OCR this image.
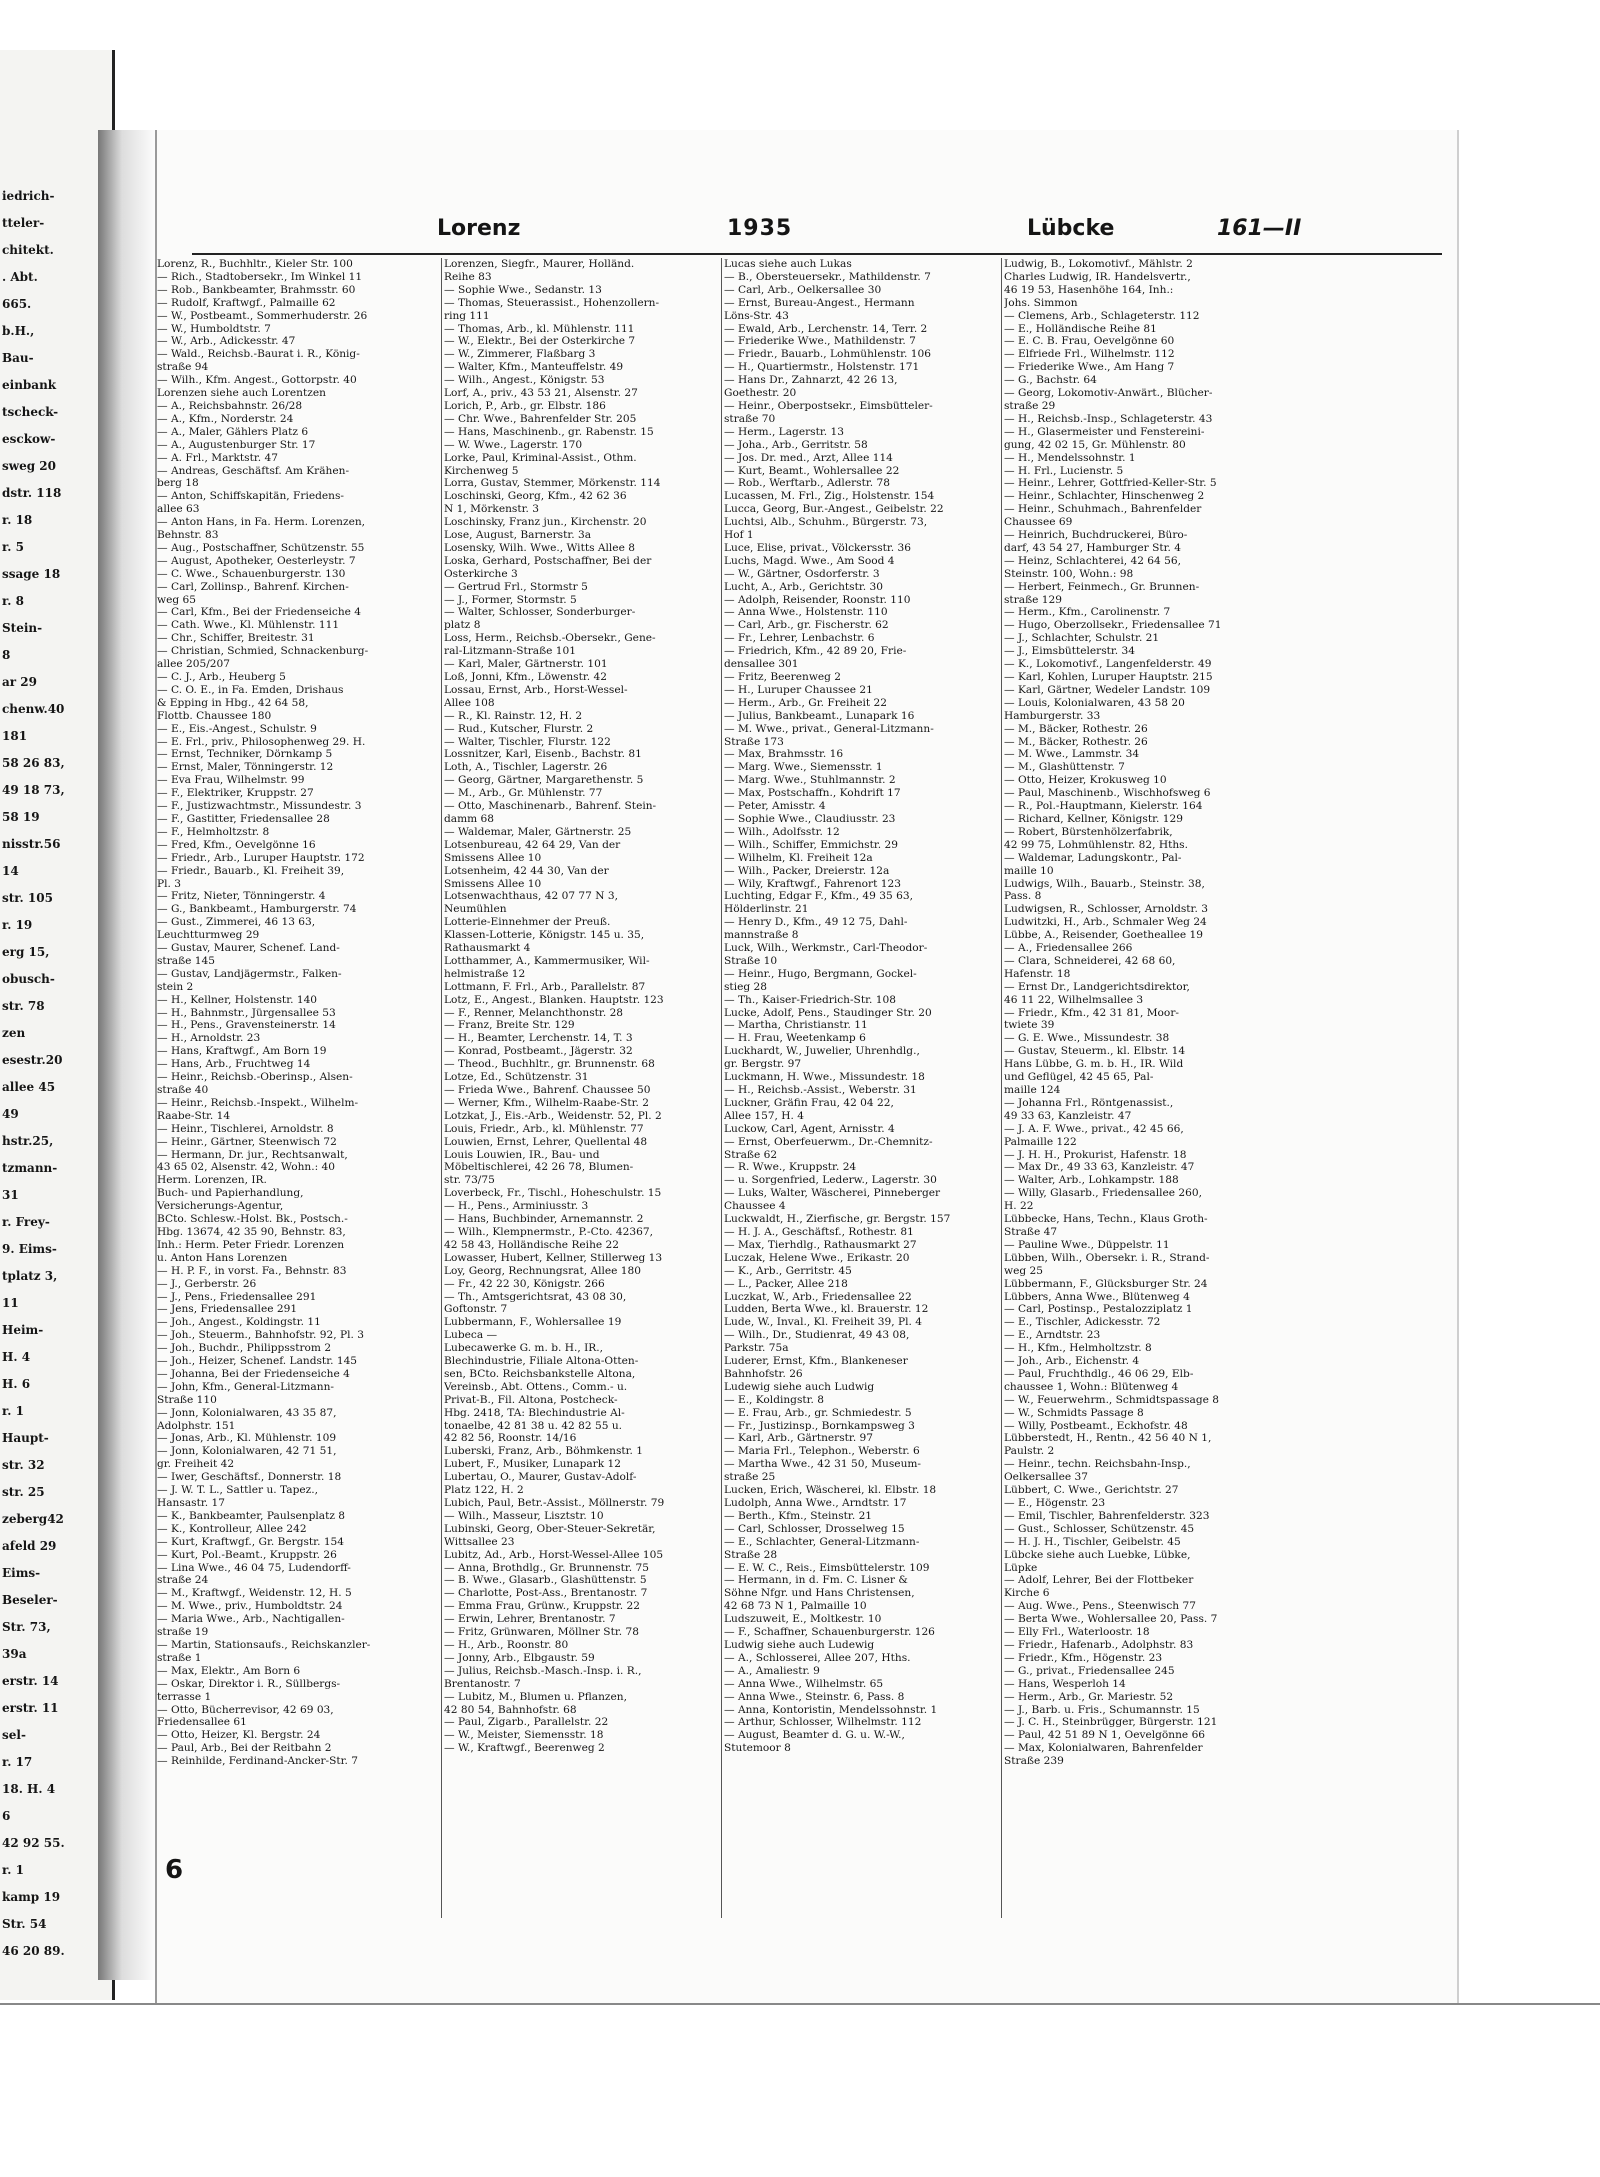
iedrich-
tteler-
chitekt.
. Abt.
665.
b.H.,
Bau-
einbank
tscheck-
esckow-
sweg 20
dstr. 118
r. 18
r. 5
ssage 18
r. 8
Stein-
8
ar 29
chenw.40
181
58 26 83,
49 18 73,
58 19
nisstr.56
14
str. 105
r. 19
erg 15,
obusch-
str. 78
zen
esestr.20
allee 45
49
hstr.25,
tzmann-
31
r. Frey-
9. Eims-
tplatz 3,
11
Heim-
H. 4
H. 6
r. 1
Haupt-
str. 32
str. 25
zeberg42
afeld 29
Eims-
Beseler-
Str. 73,
39a
erstr. 14
erstr. 11
sel-
r. 17
18. H. 4
6
42 92 55.
r. 1
kamp 19
Str. 54
46 20 89.
Lorenz	1935	Lübcke	161—II
Lorenz, R., Buchhltr., Kieler Str. 100
— Rich., Stadtobersekr., Im Winkel 11
— Rob., Bankbeamter, Brahmsstr. 60
— Rudolf, Kraftwgf., Palmaille 62
— W., Postbeamt., Sommerhuderstr. 26
— W., Humboldtstr. 7
— W., Arb., Adickesstr. 47
— Wald., Reichsb.-Baurat i. R., König-
straße 94
— Wilh., Kfm. Angest., Gottorpstr. 40
Lorenzen siehe auch Lorentzen
— A., Reichsbahnstr. 26/28
— A., Kfm., Norderstr. 24
— A., Maler, Gählers Platz 6
— A., Augustenburger Str. 17
— A. Frl., Marktstr. 47
— Andreas, Geschäftsf. Am Krähen-
berg 18
— Anton, Schiffskapitän, Friedens-
allee 63
— Anton Hans, in Fa. Herm. Lorenzen,
Behnstr. 83
— Aug., Postschaffner, Schützenstr. 55
— August, Apotheker, Oesterleystr. 7
— C. Wwe., Schauenburgerstr. 130
— Carl, Zollinsp., Bahrenf. Kirchen-
weg 65
— Carl, Kfm., Bei der Friedenseiche 4
— Cath. Wwe., Kl. Mühlenstr. 111
— Chr., Schiffer, Breitestr. 31
— Christian, Schmied, Schnackenburg-
allee 205/207
— C. J., Arb., Heuberg 5
— C. O. E., in Fa. Emden, Drishaus
& Epping in Hbg., 42 64 58,
Flottb. Chaussee 180
— E., Eis.-Angest., Schulstr. 9
— E. Frl., priv., Philosophenweg 29. H.
— Ernst, Techniker, Dörnkamp 5
— Ernst, Maler, Tönningerstr. 12
— Eva Frau, Wilhelmstr. 99
— F., Elektriker, Kruppstr. 27
— F., Justizwachtmstr., Missundestr. 3
— F., Gastitter, Friedensallee 28
— F., Helmholtzstr. 8
— Fred, Kfm., Oevelgönne 16
— Friedr., Arb., Luruper Hauptstr. 172
— Friedr., Bauarb., Kl. Freiheit 39,
Pl. 3
— Fritz, Nieter, Tönningerstr. 4
— G., Bankbeamt., Hamburgerstr. 74
— Gust., Zimmerei, 46 13 63,
Leuchtturmweg 29
— Gustav, Maurer, Schenef. Land-
straße 145
— Gustav, Landjägermstr., Falken-
stein 2
— H., Kellner, Holstenstr. 140
— H., Bahnmstr., Jürgensallee 53
— H., Pens., Gravensteinerstr. 14
— H., Arnoldstr. 23
— Hans, Kraftwgf., Am Born 19
— Hans, Arb., Fruchtweg 14
— Heinr., Reichsb.-Oberinsp., Alsen-
straße 40
— Heinr., Reichsb.-Inspekt., Wilhelm-
Raabe-Str. 14
— Heinr., Tischlerei, Arnoldstr. 8
— Heinr., Gärtner, Steenwisch 72
— Hermann, Dr. jur., Rechtsanwalt,
43 65 02, Alsenstr. 42, Wohn.: 40
Herm. Lorenzen, IR.
Buch- und Papierhandlung,
Versicherungs-Agentur,
BCto. Schlesw.-Holst. Bk., Postsch.-
Hbg. 13674, 42 35 90, Behnstr. 83,
Inh.: Herm. Peter Friedr. Lorenzen
u. Anton Hans Lorenzen
— H. P. F., in vorst. Fa., Behnstr. 83
— J., Gerberstr. 26
— J., Pens., Friedensallee 291
— Jens, Friedensallee 291
— Joh., Angest., Koldingstr. 11
— Joh., Steuerm., Bahnhofstr. 92, Pl. 3
— Joh., Buchdr., Philippsstrom 2
— Joh., Heizer, Schenef. Landstr. 145
— Johanna, Bei der Friedenseiche 4
— John, Kfm., General-Litzmann-
Straße 110
— Jonn, Kolonialwaren, 43 35 87,
Adolphstr. 151
— Jonas, Arb., Kl. Mühlenstr. 109
— Jonn, Kolonialwaren, 42 71 51,
gr. Freiheit 42
— Iwer, Geschäftsf., Donnerstr. 18
— J. W. T. L., Sattler u. Tapez.,
Hansastr. 17
— K., Bankbeamter, Paulsenplatz 8
— K., Kontrolleur, Allee 242
— Kurt, Kraftwgf., Gr. Bergstr. 154
— Kurt, Pol.-Beamt., Kruppstr. 26
— Lina Wwe., 46 04 75, Ludendorff-
straße 24
— M., Kraftwgf., Weidenstr. 12, H. 5
— M. Wwe., priv., Humboldtstr. 24
— Maria Wwe., Arb., Nachtigallen-
straße 19
— Martin, Stationsaufs., Reichskanzler-
straße 1
— Max, Elektr., Am Born 6
— Oskar, Direktor i. R., Süllbergs-
terrasse 1
— Otto, Bücherrevisor, 42 69 03,
Friedensallee 61
— Otto, Heizer, Kl. Bergstr. 24
— Paul, Arb., Bei der Reitbahn 2
— Reinhilde, Ferdinand-Ancker-Str. 7
Lorenzen, Siegfr., Maurer, Holländ.
Reihe 83
— Sophie Wwe., Sedanstr. 13
— Thomas, Steuerassist., Hohenzollern-
ring 111
— Thomas, Arb., kl. Mühlenstr. 111
— W., Elektr., Bei der Osterkirche 7
— W., Zimmerer, Flaßbarg 3
— Walter, Kfm., Manteuffelstr. 49
— Wilh., Angest., Königstr. 53
Lorf, A., priv., 43 53 21, Alsenstr. 27
Lorich, P., Arb., gr. Elbstr. 186
— Chr. Wwe., Bahrenfelder Str. 205
— Hans, Maschinenb., gr. Rabenstr. 15
— W. Wwe., Lagerstr. 170
Lorke, Paul, Kriminal-Assist., Othm.
Kirchenweg 5
Lorra, Gustav, Stemmer, Mörkenstr. 114
Loschinski, Georg, Kfm., 42 62 36
N 1, Mörkenstr. 3
Loschinsky, Franz jun., Kirchenstr. 20
Lose, August, Barnerstr. 3a
Losensky, Wilh. Wwe., Witts Allee 8
Loska, Gerhard, Postschaffner, Bei der
Osterkirche 3
— Gertrud Frl., Stormstr 5
— J., Former, Stormstr. 5
— Walter, Schlosser, Sonderburger-
platz 8
Loss, Herm., Reichsb.-Obersekr., Gene-
ral-Litzmann-Straße 101
— Karl, Maler, Gärtnerstr. 101
Loß, Jonni, Kfm., Löwenstr. 42
Lossau, Ernst, Arb., Horst-Wessel-
Allee 108
— R., Kl. Rainstr. 12, H. 2
— Rud., Kutscher, Flurstr. 2
— Walter, Tischler, Flurstr. 122
Lossnitzer, Karl, Eisenb., Bachstr. 81
Loth, A., Tischler, Lagerstr. 26
— Georg, Gärtner, Margarethenstr. 5
— M., Arb., Gr. Mühlenstr. 77
— Otto, Maschinenarb., Bahrenf. Stein-
damm 68
— Waldemar, Maler, Gärtnerstr. 25
Lotsenbureau, 42 64 29, Van der
Smissens Allee 10
Lotsenheim, 42 44 30, Van der
Smissens Allee 10
Lotsenwachthaus, 42 07 77 N 3,
Neumühlen
Lotterie-Einnehmer der Preuß.
Klassen-Lotterie, Königstr. 145 u. 35,
Rathausmarkt 4
Lotthammer, A., Kammermusiker, Wil-
helmistraße 12
Lottmann, F. Frl., Arb., Parallelstr. 87
Lotz, E., Angest., Blanken. Hauptstr. 123
— F., Renner, Melanchthonstr. 28
— Franz, Breite Str. 129
— H., Beamter, Lerchenstr. 14, T. 3
— Konrad, Postbeamt., Jägerstr. 32
— Theod., Buchhltr., gr. Brunnenstr. 68
Lotze, Ed., Schützenstr. 31
— Frieda Wwe., Bahrenf. Chaussee 50
— Werner, Kfm., Wilhelm-Raabe-Str. 2
Lotzkat, J., Eis.-Arb., Weidenstr. 52, Pl. 2
Louis, Friedr., Arb., kl. Mühlenstr. 77
Louwien, Ernst, Lehrer, Quellental 48
Louis Louwien, IR., Bau- und
Möbeltischlerei, 42 26 78, Blumen-
str. 73/75
Loverbeck, Fr., Tischl., Hoheschulstr. 15
— H., Pens., Arminiusstr. 3
— Hans, Buchbinder, Arnemannstr. 2
— Wilh., Klempnermstr., P.-Cto. 42367,
42 58 43, Holländische Reihe 22
Lowasser, Hubert, Kellner, Stillerweg 13
Loy, Georg, Rechnungsrat, Allee 180
— Fr., 42 22 30, Königstr. 266
— Th., Amtsgerichtsrat, 43 08 30,
Goftonstr. 7
Lubbermann, F., Wohlersallee 19
Lubeca —
Lubecawerke G. m. b. H., IR.,
Blechindustrie, Filiale Altona-Otten-
sen, BCto. Reichsbankstelle Altona,
Vereinsb., Abt. Ottens., Comm.- u.
Privat-B., Fil. Altona, Postcheck-
Hbg. 2418, TA: Blechindustrie Al-
tonaelbe, 42 81 38 u. 42 82 55 u.
42 82 56, Roonstr. 14/16
Luberski, Franz, Arb., Böhmkenstr. 1
Lubert, F., Musiker, Lunapark 12
Lubertau, O., Maurer, Gustav-Adolf-
Platz 122, H. 2
Lubich, Paul, Betr.-Assist., Möllnerstr. 79
— Wilh., Masseur, Lisztstr. 10
Lubinski, Georg, Ober-Steuer-Sekretär,
Wittsallee 23
Lubitz, Ad., Arb., Horst-Wessel-Allee 105
— Anna, Brothdlg., Gr. Brunnenstr. 75
— B. Wwe., Glasarb., Glashüttenstr. 5
— Charlotte, Post-Ass., Brentanostr. 7
— Emma Frau, Grünw., Kruppstr. 22
— Erwin, Lehrer, Brentanostr. 7
— Fritz, Grünwaren, Möllner Str. 78
— H., Arb., Roonstr. 80
— Jonny, Arb., Elbgaustr. 59
— Julius, Reichsb.-Masch.-Insp. i. R.,
Brentanostr. 7
— Lubitz, M., Blumen u. Pflanzen,
42 80 54, Bahnhofstr. 68
— Paul, Zigarb., Parallelstr. 22
— W., Meister, Siemensstr. 18
— W., Kraftwgf., Beerenweg 2
Lucas siehe auch Lukas
— B., Obersteuersekr., Mathildenstr. 7
— Carl, Arb., Oelkersallee 30
— Ernst, Bureau-Angest., Hermann
Löns-Str. 43
— Ewald, Arb., Lerchenstr. 14, Terr. 2
— Friederike Wwe., Mathildenstr. 7
— Friedr., Bauarb., Lohmühlenstr. 106
— H., Quartiermstr., Holstenstr. 171
— Hans Dr., Zahnarzt, 42 26 13,
Goethestr. 20
— Heinr., Oberpostsekr., Eimsbütteler-
straße 70
— Herm., Lagerstr. 13
— Joha., Arb., Gerritstr. 58
— Jos. Dr. med., Arzt, Allee 114
— Kurt, Beamt., Wohlersallee 22
— Rob., Werftarb., Adlerstr. 78
Lucassen, M. Frl., Zig., Holstenstr. 154
Lucca, Georg, Bur.-Angest., Geibelstr. 22
Luchtsi, Alb., Schuhm., Bürgerstr. 73,
Hof 1
Luce, Elise, privat., Völckersstr. 36
Luchs, Magd. Wwe., Am Sood 4
— W., Gärtner, Osdorferstr. 3
Lucht, A., Arb., Gerichtstr. 30
— Adolph, Reisender, Roonstr. 110
— Anna Wwe., Holstenstr. 110
— Carl, Arb., gr. Fischerstr. 62
— Fr., Lehrer, Lenbachstr. 6
— Friedrich, Kfm., 42 89 20, Frie-
densallee 301
— Fritz, Beerenweg 2
— H., Luruper Chaussee 21
— Herm., Arb., Gr. Freiheit 22
— Julius, Bankbeamt., Lunapark 16
— M. Wwe., privat., General-Litzmann-
Straße 173
— Max, Brahmsstr. 16
— Marg. Wwe., Siemensstr. 1
— Marg. Wwe., Stuhlmannstr. 2
— Max, Postschaffn., Kohdrift 17
— Peter, Amisstr. 4
— Sophie Wwe., Claudiusstr. 23
— Wilh., Adolfsstr. 12
— Wilh., Schiffer, Emmichstr. 29
— Wilhelm, Kl. Freiheit 12a
— Wilh., Packer, Dreierstr. 12a
— Wily, Kraftwgf., Fahrenort 123
Luchting, Edgar F., Kfm., 49 35 63,
Hölderlinstr. 21
— Henry D., Kfm., 49 12 75, Dahl-
mannstraße 8
Luck, Wilh., Werkmstr., Carl-Theodor-
Straße 10
— Heinr., Hugo, Bergmann, Gockel-
stieg 28
— Th., Kaiser-Friedrich-Str. 108
Lucke, Adolf, Pens., Staudinger Str. 20
— Martha, Christianstr. 11
— H. Frau, Weetenkamp 6
Luckhardt, W., Juwelier, Uhrenhdlg.,
gr. Bergstr. 97
Luckmann, H. Wwe., Missundestr. 18
— H., Reichsb.-Assist., Weberstr. 31
Luckner, Gräfin Frau, 42 04 22,
Allee 157, H. 4
Luckow, Carl, Agent, Arnisstr. 4
— Ernst, Oberfeuerwm., Dr.-Chemnitz-
Straße 62
— R. Wwe., Kruppstr. 24
— u. Sorgenfried, Lederw., Lagerstr. 30
— Luks, Walter, Wäscherei, Pinneberger
Chaussee 4
Luckwaldt, H., Zierfische, gr. Bergstr. 157
— H. J. A., Geschäftsf., Rothestr. 81
— Max, Tierhdlg., Rathausmarkt 27
Luczak, Helene Wwe., Erikastr. 20
— K., Arb., Gerritstr. 45
— L., Packer, Allee 218
Luczkat, W., Arb., Friedensallee 22
Ludden, Berta Wwe., kl. Brauerstr. 12
Lude, W., Inval., Kl. Freiheit 39, Pl. 4
— Wilh., Dr., Studienrat, 49 43 08,
Parkstr. 75a
Luderer, Ernst, Kfm., Blankeneser
Bahnhofstr. 26
Ludewig siehe auch Ludwig
— E., Koldingstr. 8
— E. Frau, Arb., gr. Schmiedestr. 5
— Fr., Justizinsp., Bornkampsweg 3
— Karl, Arb., Gärtnerstr. 97
— Maria Frl., Telephon., Weberstr. 6
— Martha Wwe., 42 31 50, Museum-
straße 25
Lucken, Erich, Wäscherei, kl. Elbstr. 18
Ludolph, Anna Wwe., Arndtstr. 17
— Berth., Kfm., Steinstr. 21
— Carl, Schlosser, Drosselweg 15
— E., Schlachter, General-Litzmann-
Straße 28
— E. W. C., Reis., Eimsbüttelerstr. 109
— Hermann, in d. Fm. C. Lisner &
Söhne Nfgr. und Hans Christensen,
42 68 73 N 1, Palmaille 10
Ludszuweit, E., Moltkestr. 10
— F., Schaffner, Schauenburgerstr. 126
Ludwig siehe auch Ludewig
— A., Schlosserei, Allee 207, Hths.
— A., Amaliestr. 9
— Anna Wwe., Wilhelmstr. 65
— Anna Wwe., Steinstr. 6, Pass. 8
— Anna, Kontoristin, Mendelssohnstr. 1
— Arthur, Schlosser, Wilhelmstr. 112
— August, Beamter d. G. u. W.-W.,
Stutemoor 8
Ludwig, B., Lokomotivf., Mählstr. 2
Charles Ludwig, IR. Handelsvertr.,
46 19 53, Hasenhöhe 164, Inh.:
Johs. Simmon
— Clemens, Arb., Schlageterstr. 112
— E., Holländische Reihe 81
— E. C. B. Frau, Oevelgönne 60
— Elfriede Frl., Wilhelmstr. 112
— Friederike Wwe., Am Hang 7
— G., Bachstr. 64
— Georg, Lokomotiv-Anwärt., Blücher-
straße 29
— H., Reichsb.-Insp., Schlageterstr. 43
— H., Glasermeister und Fenstereini-
gung, 42 02 15, Gr. Mühlenstr. 80
— H., Mendelssohnstr. 1
— H. Frl., Lucienstr. 5
— Heinr., Lehrer, Gottfried-Keller-Str. 5
— Heinr., Schlachter, Hinschenweg 2
— Heinr., Schuhmach., Bahrenfelder
Chaussee 69
— Heinrich, Buchdruckerei, Büro-
darf, 43 54 27, Hamburger Str. 4
— Heinz, Schlachterei, 42 64 56,
Steinstr. 100, Wohn.: 98
— Herbert, Feinmech., Gr. Brunnen-
straße 129
— Herm., Kfm., Carolinenstr. 7
— Hugo, Oberzollsekr., Friedensallee 71
— J., Schlachter, Schulstr. 21
— J., Eimsbüttelerstr. 34
— K., Lokomotivf., Langenfelderstr. 49
— Karl, Kohlen, Luruper Hauptstr. 215
— Karl, Gärtner, Wedeler Landstr. 109
— Louis, Kolonialwaren, 43 58 20
Hamburgerstr. 33
— M., Bäcker, Rothestr. 26
— M., Bäcker, Rothestr. 26
— M. Wwe., Lammstr. 34
— M., Glashüttenstr. 7
— Otto, Heizer, Krokusweg 10
— Paul, Maschinenb., Wischhofsweg 6
— R., Pol.-Hauptmann, Kielerstr. 164
— Richard, Kellner, Königstr. 129
— Robert, Bürstenhölzerfabrik,
42 99 75, Lohmühlenstr. 82, Hths.
— Waldemar, Ladungskontr., Pal-
maille 10
Ludwigs, Wilh., Bauarb., Steinstr. 38,
Pass. 8
Ludwigsen, R., Schlosser, Arnoldstr. 3
Ludwitzki, H., Arb., Schmaler Weg 24
Lübbe, A., Reisender, Goetheallee 19
— A., Friedensallee 266
— Clara, Schneiderei, 42 68 60,
Hafenstr. 18
— Ernst Dr., Landgerichtsdirektor,
46 11 22, Wilhelmsallee 3
— Friedr., Kfm., 42 31 81, Moor-
twiete 39
— G. E. Wwe., Missundestr. 38
— Gustav, Steuerm., kl. Elbstr. 14
Hans Lübbe, G. m. b. H., IR. Wild
und Geflügel, 42 45 65, Pal-
maille 124
— Johanna Frl., Röntgenassist.,
49 33 63, Kanzleistr. 47
— J. A. F. Wwe., privat., 42 45 66,
Palmaille 122
— J. H. H., Prokurist, Hafenstr. 18
— Max Dr., 49 33 63, Kanzleistr. 47
— Walter, Arb., Lohkampstr. 188
— Willy, Glasarb., Friedensallee 260,
H. 22
Lübbecke, Hans, Techn., Klaus Groth-
Straße 47
— Pauline Wwe., Düppelstr. 11
Lübben, Wilh., Obersekr. i. R., Strand-
weg 25
Lübbermann, F., Glücksburger Str. 24
Lübbers, Anna Wwe., Blütenweg 4
— Carl, Postinsp., Pestalozziplatz 1
— E., Tischler, Adickesstr. 72
— E., Arndtstr. 23
— H., Kfm., Helmholtzstr. 8
— Joh., Arb., Eichenstr. 4
— Paul, Fruchthdlg., 46 06 29, Elb-
chaussee 1, Wohn.: Blütenweg 4
— W., Feuerwehrm., Schmidtspassage 8
— W., Schmidts Passage 8
— Willy, Postbeamt., Eckhofstr. 48
Lübberstedt, H., Rentn., 42 56 40 N 1,
Paulstr. 2
— Heinr., techn. Reichsbahn-Insp.,
Oelkersallee 37
Lübbert, C. Wwe., Gerichtstr. 27
— E., Högenstr. 23
— Emil, Tischler, Bahrenfelderstr. 323
— Gust., Schlosser, Schützenstr. 45
— H. J. H., Tischler, Geibelstr. 45
Lübcke siehe auch Luebke, Lübke,
Lüpke
— Adolf, Lehrer, Bei der Flottbeker
Kirche 6
— Aug. Wwe., Pens., Steenwisch 77
— Berta Wwe., Wohlersallee 20, Pass. 7
— Elly Frl., Waterloostr. 18
— Friedr., Hafenarb., Adolphstr. 83
— Friedr., Kfm., Högenstr. 23
— G., privat., Friedensallee 245
— Hans, Wesperloh 14
— Herm., Arb., Gr. Mariestr. 52
— J., Barb. u. Fris., Schumannstr. 15
— J. C. H., Steinbrügger, Bürgerstr. 121
— Paul, 42 51 89 N 1, Oevelgönne 66
— Max, Kolonialwaren, Bahrenfelder
Straße 239
6
